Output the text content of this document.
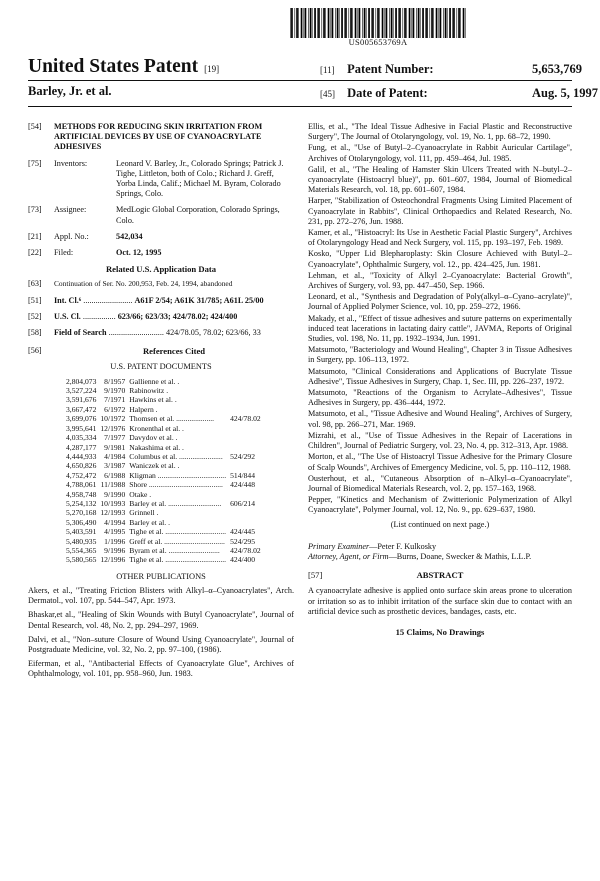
US005653769A
United States Patent [19]
Barley, Jr. et al.
[11] Patent Number:	5,653,769
[45] Date of Patent:	Aug. 5, 1997
[54]	METHODS FOR REDUCING SKIN IRRITATION FROM ARTIFICIAL DEVICES BY USE OF CYANOACRYLATE ADHESIVES
[75]	Inventors:	Leonard V. Barley, Jr., Colorado Springs; Patrick J. Tighe, Littleton, both of Colo.; Richard J. Greff, Yorba Linda, Calif.; Michael M. Byram, Colorado Springs, Colo.
[73]	Assignee:	MedLogic Global Corporation, Colorado Springs, Colo.
[21]	Appl. No.:	542,034
[22]	Filed:	Oct. 12, 1995
Related U.S. Application Data
[63]	Continuation of Ser. No. 200,953, Feb. 24, 1994, abandoned
[51]	Int. Cl.⁶ ........................ A61F 2/54; A61K 31/785; A61L 25/00
[52]	U.S. Cl. ................ 623/66; 623/33; 424/78.02; 424/400
[58]	Field of Search ........................... 424/78.05, 78.02; 623/66, 33
[56]	References Cited
U.S. PATENT DOCUMENTS
2,804,073	8/1957	Gallienne et al. .	
3,527,224	9/1970	Rabinowitz .	
3,591,676	7/1971	Hawkins et al. .	
3,667,472	6/1972	Halpern .	
3,699,076	10/1972	Thomsen et al. ....................	424/78.02
3,995,641	12/1976	Kronenthal et al. .	
4,035,334	7/1977	Davydov et al. .	
4,287,177	9/1981	Nakashima et al. .	
4,444,933	4/1984	Columbus et al. .......................	524/292
4,650,826	3/1987	Waniczek et al. .	
4,752,472	6/1988	Kligman ....................................	514/844
4,788,061	11/1988	Shore .......................................	424/448
4,958,748	9/1990	Otake .	
5,254,132	10/1993	Barley et al. ............................	606/214
5,270,168	12/1993	Grinnell .	
5,306,490	4/1994	Barley et al. .	
5,403,591	4/1995	Tighe et al. ................................	424/445
5,480,935	1/1996	Greff et al. ................................	524/295
5,554,365	9/1996	Byram et al. ...........................	424/78.02
5,580,565	12/1996	Tighe et al. ................................	424/400
OTHER PUBLICATIONS
Akers, et al., "Treating Friction Blisters with Alkyl–α–Cyanoacrylates", Arch. Dermatol., vol. 107, pp. 544–547, Apr. 1973.
Bhaskar,et al., "Healing of Skin Wounds with Butyl Cyanoacrylate", Journal of Dental Research, vol. 48, No. 2, pp. 294–297, 1969.
Dalvi, et al., "Non–suture Closure of Wound Using Cyanoacrylate", Journal of Postgraduate Medicine, vol. 32, No. 2, pp. 97–100, (1986).
Eiferman, et al., "Antibacterial Effects of Cyanoacrylate Glue", Archives of Ophthalmology, vol. 101, pp. 958–960, Jun. 1983.
Ellis, et al., "The Ideal Tissue Adhesive in Facial Plastic and Reconstructive Surgery", The Journal of Otolaryngology, vol. 19, No. 1, pp. 68–72, 1990.
Fung, et al., "Use of Butyl–2–Cyanoacrylate in Rabbit Auricular Cartilage", Archives of Otolaryngology, vol. 111, pp. 459–464, Jul. 1985.
Galil, et al., "The Healing of Hamster Skin Ulcers Treated with N–butyl–2–cyanoacrylate (Histoacryl blue)", pp. 601–607, 1984, Journal of Biomedical Materials Research, vol. 18, pp. 601–607, 1984.
Harper, "Stabilization of Osteochondral Fragments Using Limited Placement of Cyanoacrylate in Rabbits", Clinical Orthopaedics and Related Research, No. 231, pp. 272–276, Jun. 1988.
Kamer, et al., "Histoacryl: Its Use in Aesthetic Facial Plastic Surgery", Archives of Otolaryngology Head and Neck Surgery, vol. 115, pp. 193–197, Feb. 1989.
Kosko, "Upper Lid Blepharoplasty: Skin Closure Achieved with Butyl–2–Cyanoacrylate", Ophthalmic Surgery, vol. 12., pp. 424–425, Jun. 1981.
Lehman, et al., "Toxicity of Alkyl 2–Cyanoacrylate: Bacterial Growth", Archives of Surgery, vol. 93, pp. 447–450, Sep. 1966.
Leonard, et al., "Synthesis and Degradation of Poly(alkyl–α–Cyano–acrylate)", Journal of Applied Polymer Science, vol. 10, pp. 259–272, 1966.
Makady, et al., "Effect of tissue adhesives and suture patterns on experimentally induced teat lacerations in lactating dairy cattle", JAVMA, Reports of Original Studies, vol. 198, No. 11, pp. 1932–1934, Jun. 1991.
Matsumoto, "Bacteriology and Wound Healing", Chapter 3 in Tissue Adhesives in Surgery, pp. 106–113, 1972.
Matsumoto, "Clinical Considerations and Applications of Bucrylate Tissue Adhesive", Tissue Adhesives in Surgery, Chap. 1, Sec. III, pp. 226–237, 1972.
Matsumoto, "Reactions of the Organism to Acrylate–Adhesives", Tissue Adhesives in Surgery, pp. 436–444, 1972.
Matsumoto, et al., "Tissue Adhesive and Wound Healing", Archives of Surgery, vol. 98, pp. 266–271, Mar. 1969.
Mizrahi, et al., "Use of Tissue Adhesives in the Repair of Lacerations in Children", Journal of Pediatric Surgery, vol. 23, No. 4, pp. 312–313, Apr. 1988.
Morton, et al., "The Use of Histoacryl Tissue Adhesive for the Primary Closure of Scalp Wounds", Archives of Emergency Medicine, vol. 5, pp. 110–112, 1988.
Ousterhout, et al., "Cutaneous Absorption of n–Alkyl–α–Cyanoacrylate", Journal of Biomedical Materials Research, vol. 2, pp. 157–163, 1968.
Pepper, "Kinetics and Mechanism of Zwitterionic Polymerization of Alkyl Cyanoacrylate", Polymer Journal, vol. 12, No. 9., pp. 629–637, 1980.
(List continued on next page.)
Primary Examiner—Peter F. Kulkosky
Attorney, Agent, or Firm—Burns, Doane, Swecker & Mathis, L.L.P.
[57]	ABSTRACT
A cyanoacrylate adhesive is applied onto surface skin areas prone to ulceration or irritation so as to inhibit irritation of the surface skin due to contact with an artificial device such as prosthetic devices, bandages, casts, etc.
15 Claims, No Drawings
